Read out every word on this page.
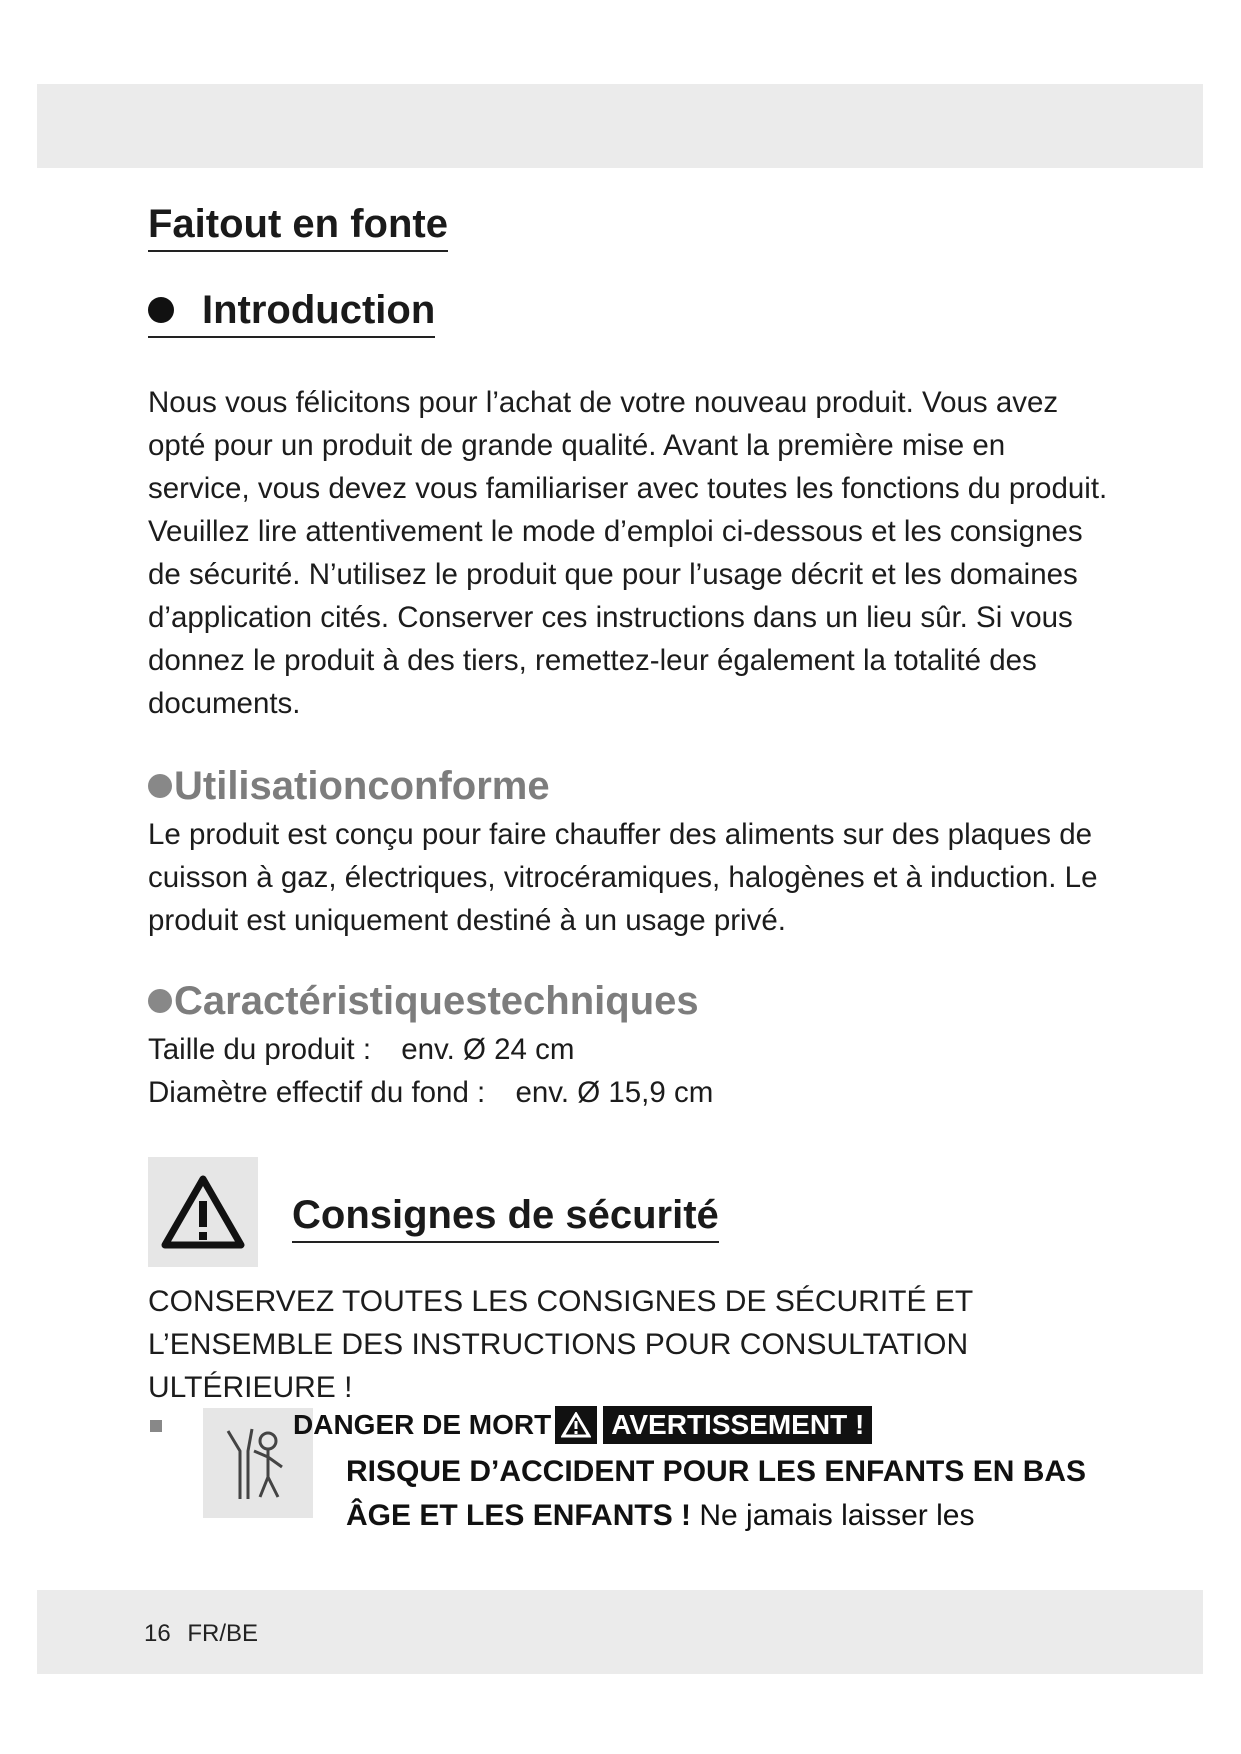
Faitout en fonte
Introduction

Nous vous félicitons pour l’achat de votre nouveau produit. Vous avez opté pour un produit de grande qualité. Avant la première mise en service, vous devez vous familiariser avec toutes les fonctions du produit. Veuillez lire attentivement le mode d’emploi ci-dessous et les consignes de sécurité. N’utilisez le produit que pour l’usage décrit et les domaines d’application cités. Conserver ces instructions dans un lieu sûr. Si vous donnez le produit à des tiers, remettez-leur également la totalité des documents.

Utilisationconforme

Le produit est conçu pour faire chauffer des aliments sur des plaques de cuisson à gaz, électriques, vitrocéramiques, halogènes et à induction. Le produit est uniquement destiné à un usage privé.

Caractéristiquestechniques
Taille du produit : env. Ø 24 cm
Diamètre effectif du fond : env. Ø 15,9 cm
Consignes de sécurité

CONSERVEZ TOUTES LES CONSIGNES DE SÉCURITÉ ET L’ENSEMBLE DES INSTRUCTIONS POUR CONSULTATION ULTÉRIEURE !

DANGER DE MORT AVERTISSEMENT !

RISQUE D’ACCIDENT POUR LES ENFANTS EN BAS ÂGE ET LES ENFANTS ! Ne jamais laisser les

16 FR/BE
